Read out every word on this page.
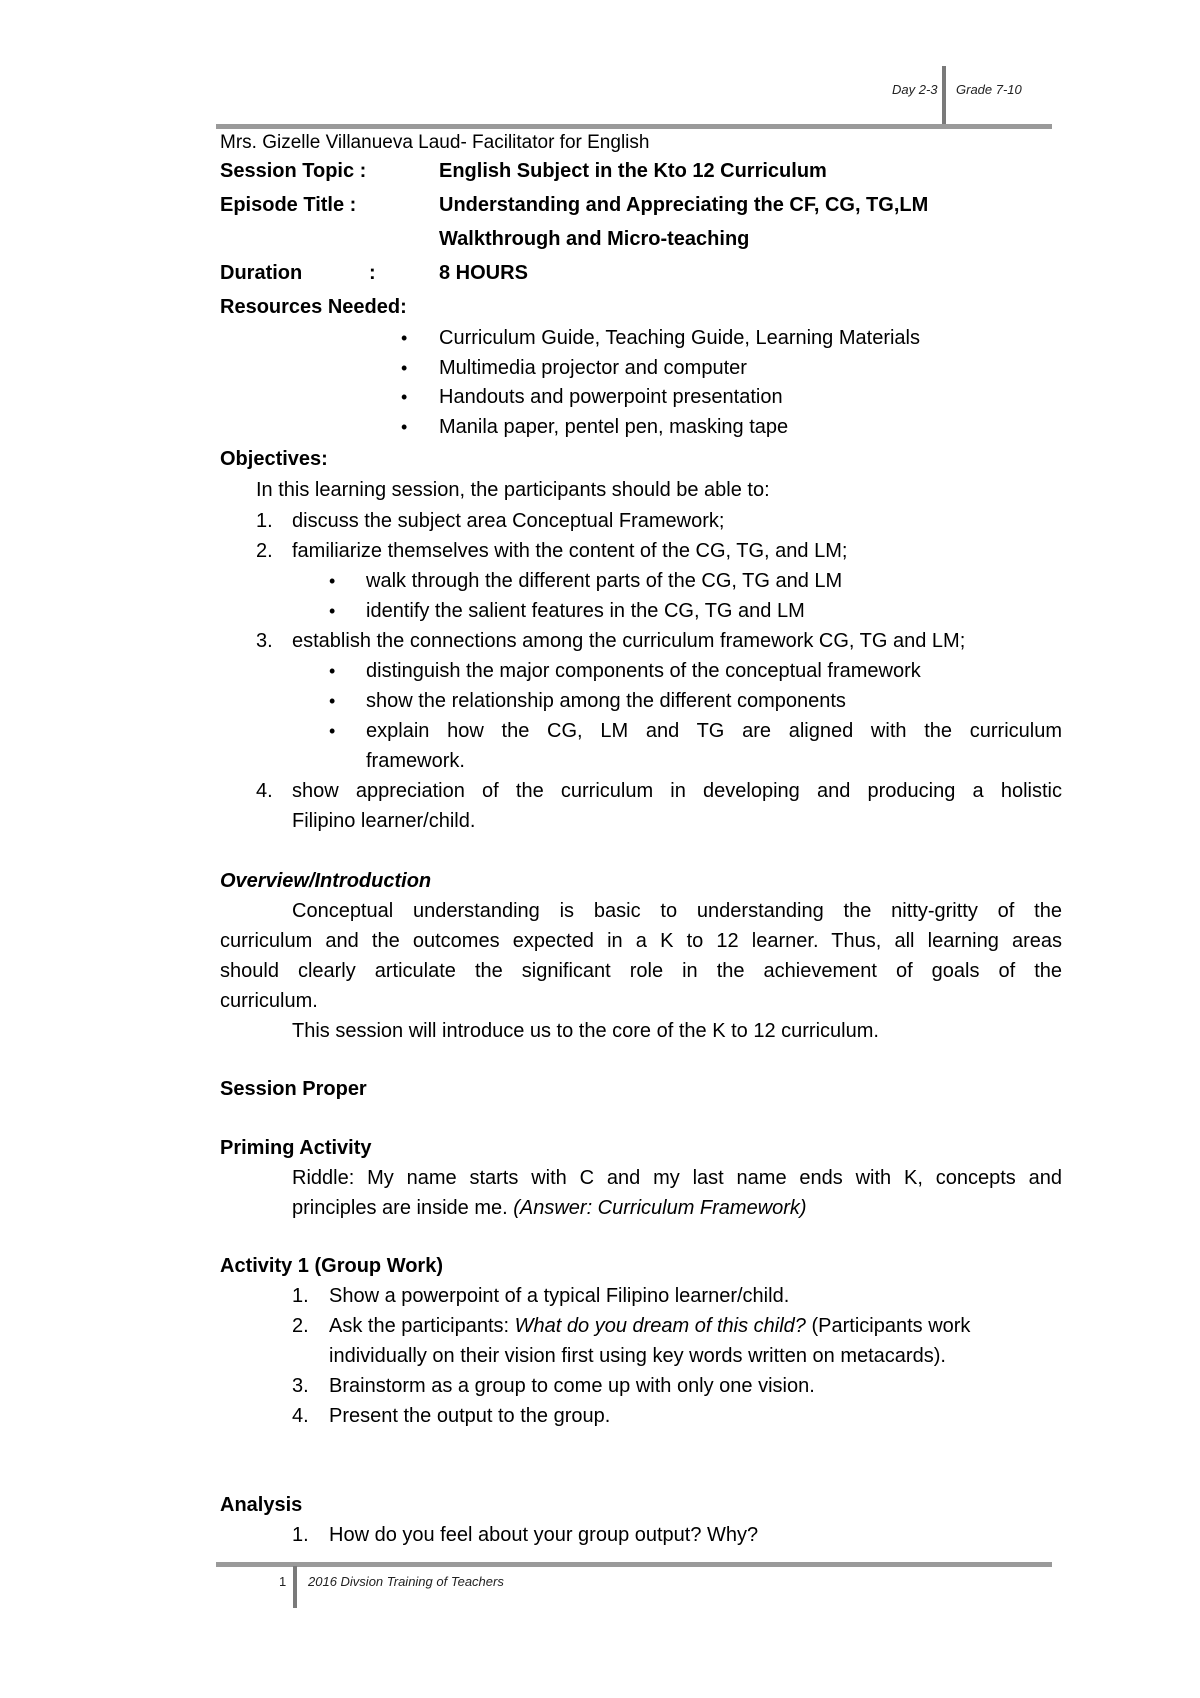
Day 2-3 Grade 7-10
Mrs. Gizelle Villanueva Laud- Facilitator for English
Session Topic :	English Subject in the Kto 12 Curriculum
Episode Title :	Understanding and Appreciating the CF, CG, TG,LM
Walkthrough and Micro-teaching
Duration	:	8 HOURS
Resources Needed:
• Curriculum Guide, Teaching Guide, Learning Materials
• Multimedia projector and computer
• Handouts and powerpoint presentation
• Manila paper, pentel pen, masking tape
Objectives:
In this learning session, the participants should be able to:
1. discuss the subject area Conceptual Framework;
2. familiarize themselves with the content of the CG, TG, and LM;
• walk through the different parts of the CG, TG and LM
• identify the salient features in the CG, TG and LM
3. establish the connections among the curriculum framework CG, TG and LM;
• distinguish the major components of the conceptual framework
• show the relationship among the different components
• explain how the CG, LM and TG are aligned with the curriculum
framework.
4. show appreciation of the curriculum in developing and producing a holistic
Filipino learner/child.
Overview/Introduction
Conceptual understanding is basic to understanding the nitty-gritty of the
curriculum and the outcomes expected in a K to 12 learner. Thus, all learning areas
should clearly articulate the significant role in the achievement of goals of the
curriculum.
This session will introduce us to the core of the K to 12 curriculum.
Session Proper
Priming Activity
Riddle: My name starts with C and my last name ends with K, concepts and
principles are inside me. (Answer: Curriculum Framework)
Activity 1 (Group Work)
1. Show a powerpoint of a typical Filipino learner/child.
2. Ask the participants: What do you dream of this child? (Participants work
individually on their vision first using key words written on metacards).
3. Brainstorm as a group to come up with only one vision.
4. Present the output to the group.
Analysis
1. How do you feel about your group output? Why?
1 2016 Divsion Training of Teachers
